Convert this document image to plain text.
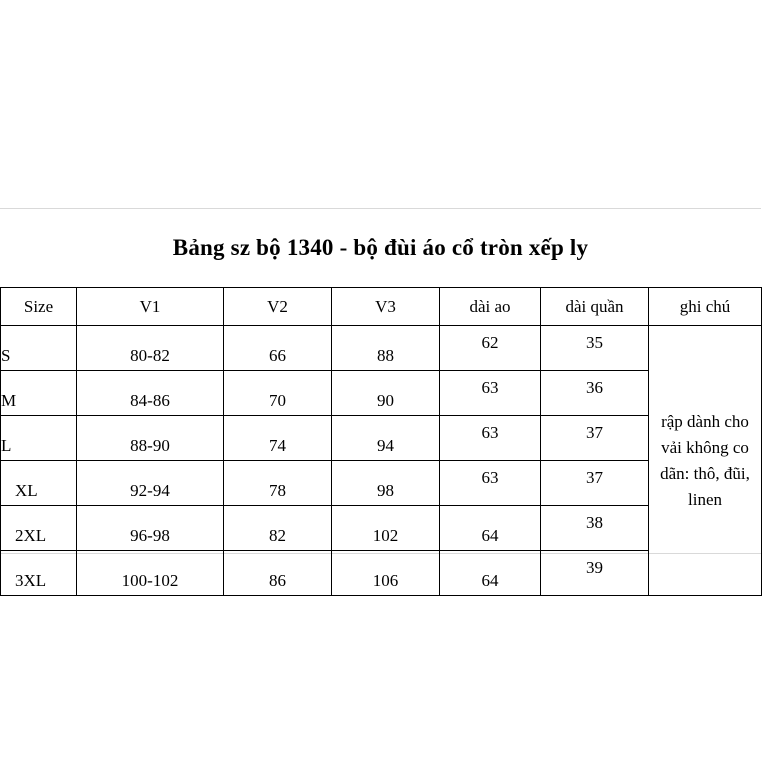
Bảng sz bộ 1340 - bộ đùi áo cổ tròn xếp ly
Size	V1	V2	V3	dài ao	dài quần	ghi chú
S	80-82	66	88	62	35	rập dành cho
vải không co
dãn: thô, đũi,
linen

M	84-86	70	90	63	36	
L	88-90	74	94	63	37	
XL	92-94	78	98	63	37	
2XL	96-98	82	102	64	38	
3XL	100-102	86	106	64	39	
